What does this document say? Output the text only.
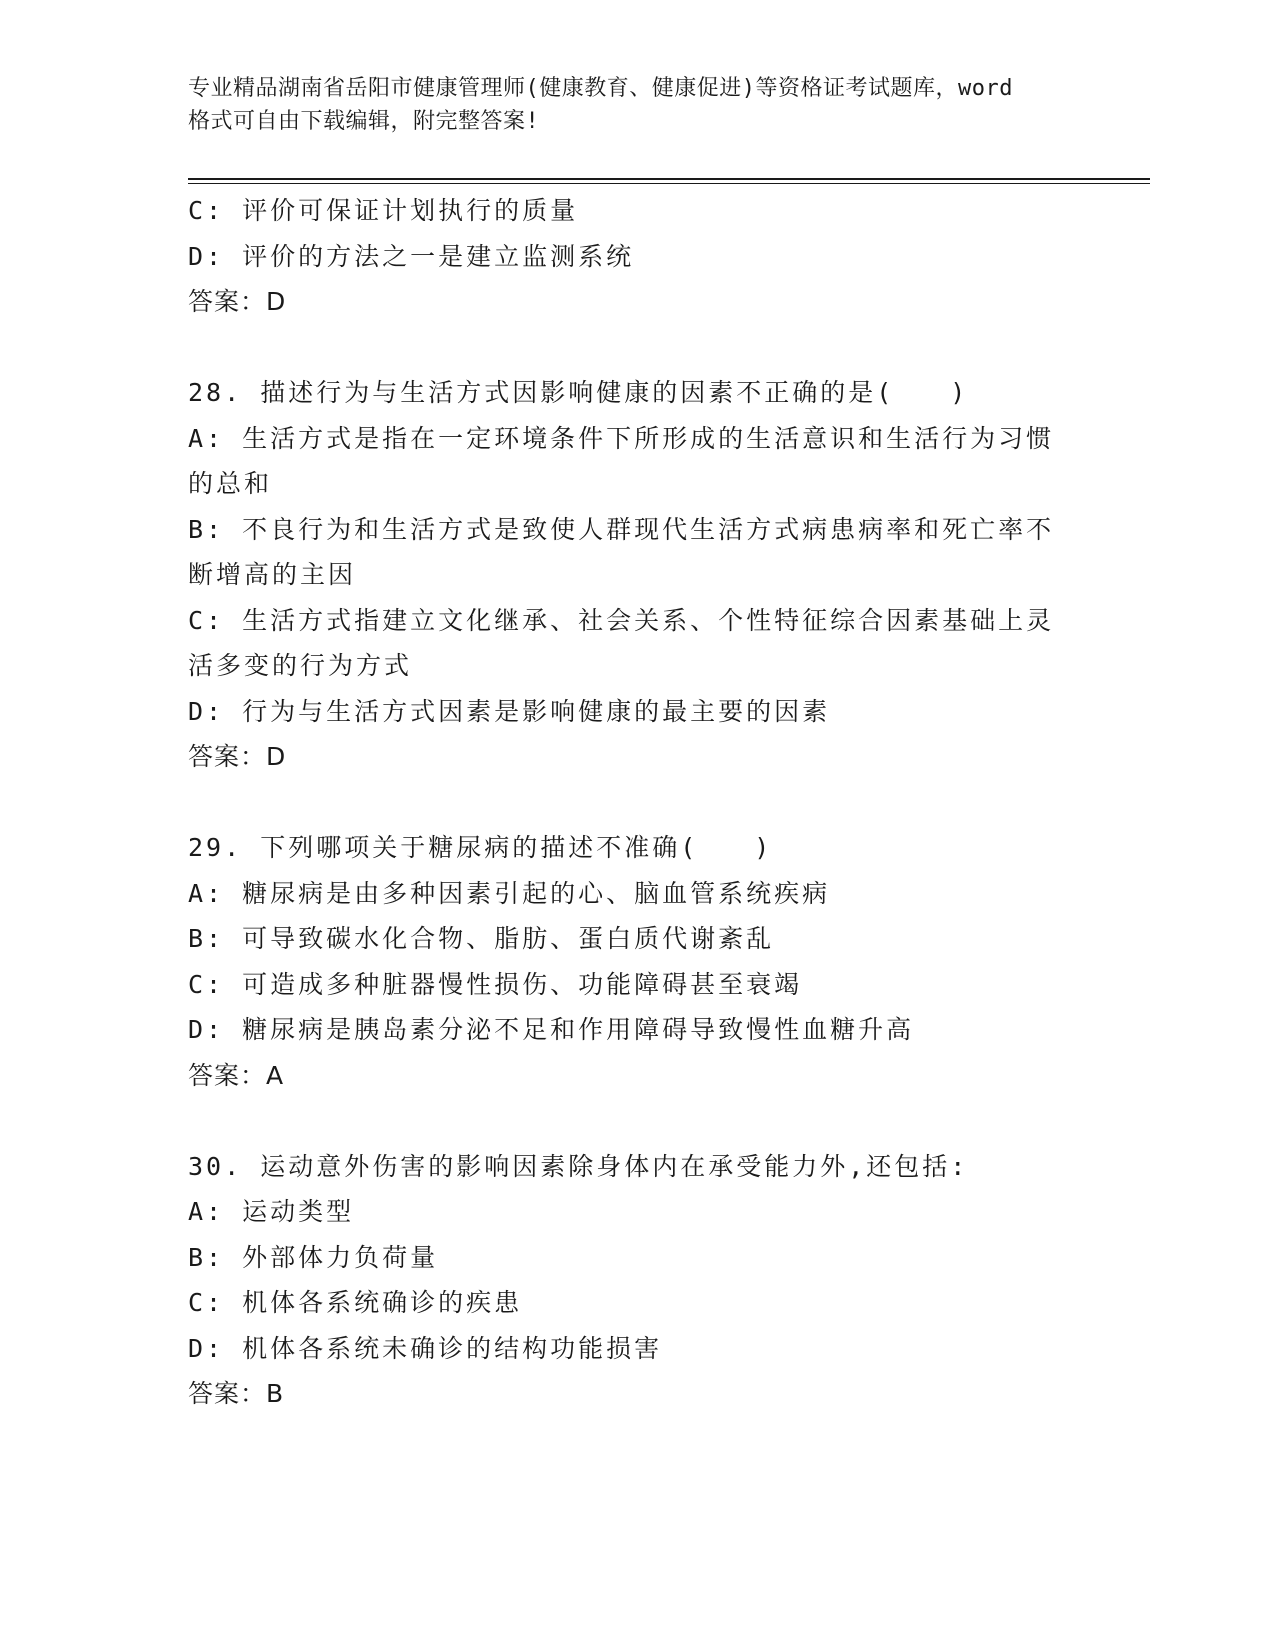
专业精品湖南省岳阳市健康管理师(健康教育、健康促进)等资格证考试题库，word
格式可自由下载编辑，附完整答案!
C: 评价可保证计划执行的质量
D: 评价的方法之一是建立监测系统
答案：D
28. 描述行为与生活方式因影响健康的因素不正确的是(　　)
A: 生活方式是指在一定环境条件下所形成的生活意识和生活行为习惯
的总和
B: 不良行为和生活方式是致使人群现代生活方式病患病率和死亡率不
断增高的主因
C: 生活方式指建立文化继承、社会关系、个性特征综合因素基础上灵
活多变的行为方式
D: 行为与生活方式因素是影响健康的最主要的因素
答案：D
29. 下列哪项关于糖尿病的描述不准确(　　)
A: 糖尿病是由多种因素引起的心、脑血管系统疾病
B: 可导致碳水化合物、脂肪、蛋白质代谢紊乱
C: 可造成多种脏器慢性损伤、功能障碍甚至衰竭
D: 糖尿病是胰岛素分泌不足和作用障碍导致慢性血糖升高
答案：A
30. 运动意外伤害的影响因素除身体内在承受能力外,还包括:
A: 运动类型
B: 外部体力负荷量
C: 机体各系统确诊的疾患
D: 机体各系统未确诊的结构功能损害
答案：B
